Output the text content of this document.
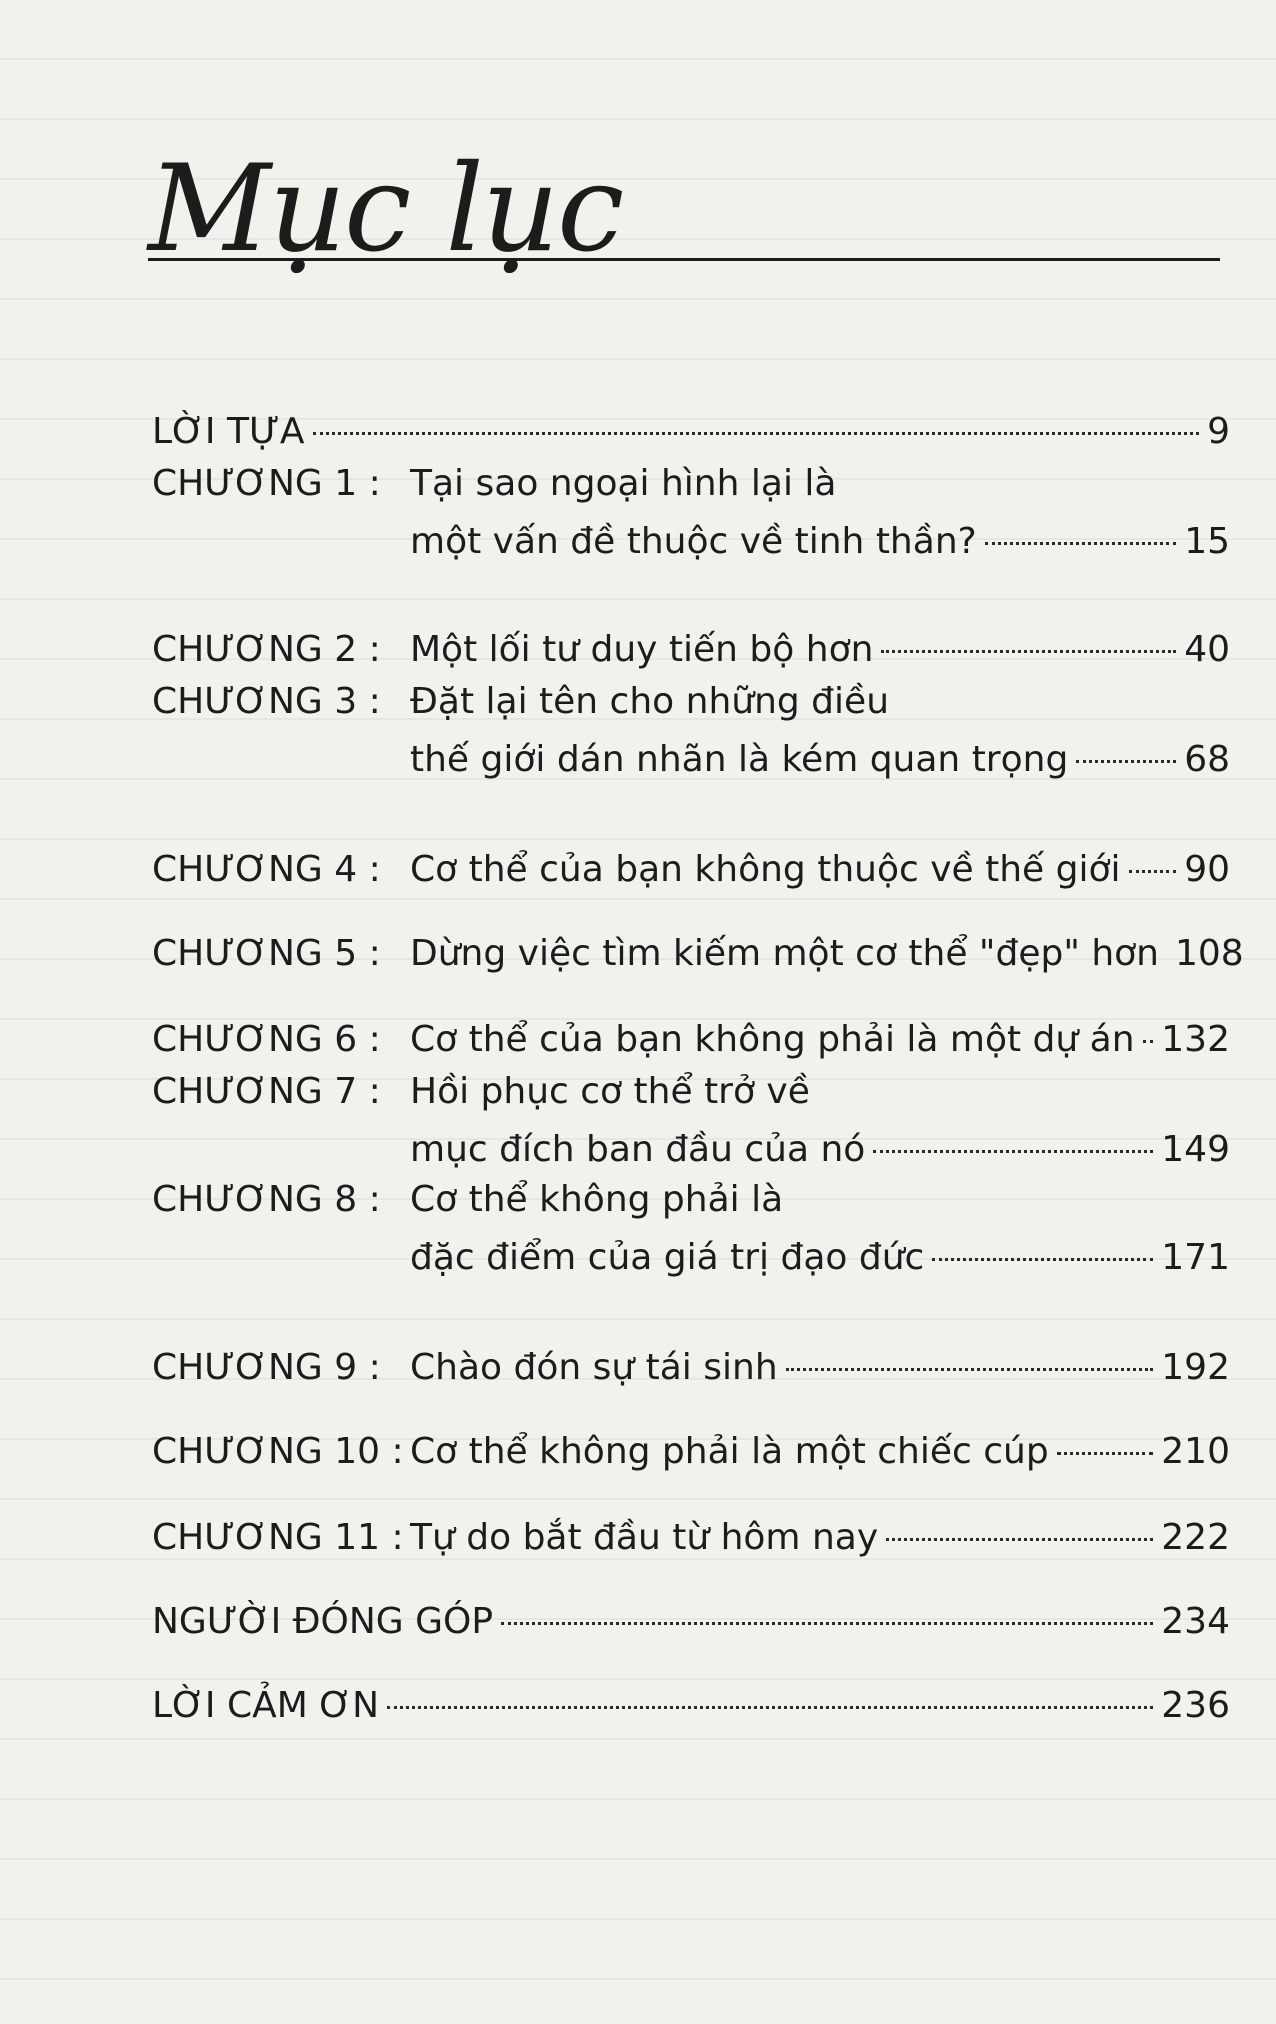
Mục lục
LỜI TỰA	9
CHƯƠNG 1 : Tại sao ngoại hình lại là
một vấn đề thuộc về tinh thần?	15
CHƯƠNG 2 : Một lối tư duy tiến bộ hơn	40
CHƯƠNG 3 : Đặt lại tên cho những điều
thế giới dán nhãn là kém quan trọng	68
CHƯƠNG 4 : Cơ thể của bạn không thuộc về thế giới 90
CHƯƠNG 5 : Dừng việc tìm kiếm một cơ thể "đẹp" hơn 108
CHƯƠNG 6 : Cơ thể của bạn không phải là một dự án 132
CHƯƠNG 7 : Hồi phục cơ thể trở về
mục đích ban đầu của nó	149
CHƯƠNG 8 : Cơ thể không phải là
đặc điểm của giá trị đạo đức	171
CHƯƠNG 9 : Chào đón sự tái sinh	192
CHƯƠNG 10 : Cơ thể không phải là một chiếc cúp	210
CHƯƠNG 11 : Tự do bắt đầu từ hôm nay	222
NGƯỜI ĐÓNG GÓP	234
LỜI CẢM ƠN	236
